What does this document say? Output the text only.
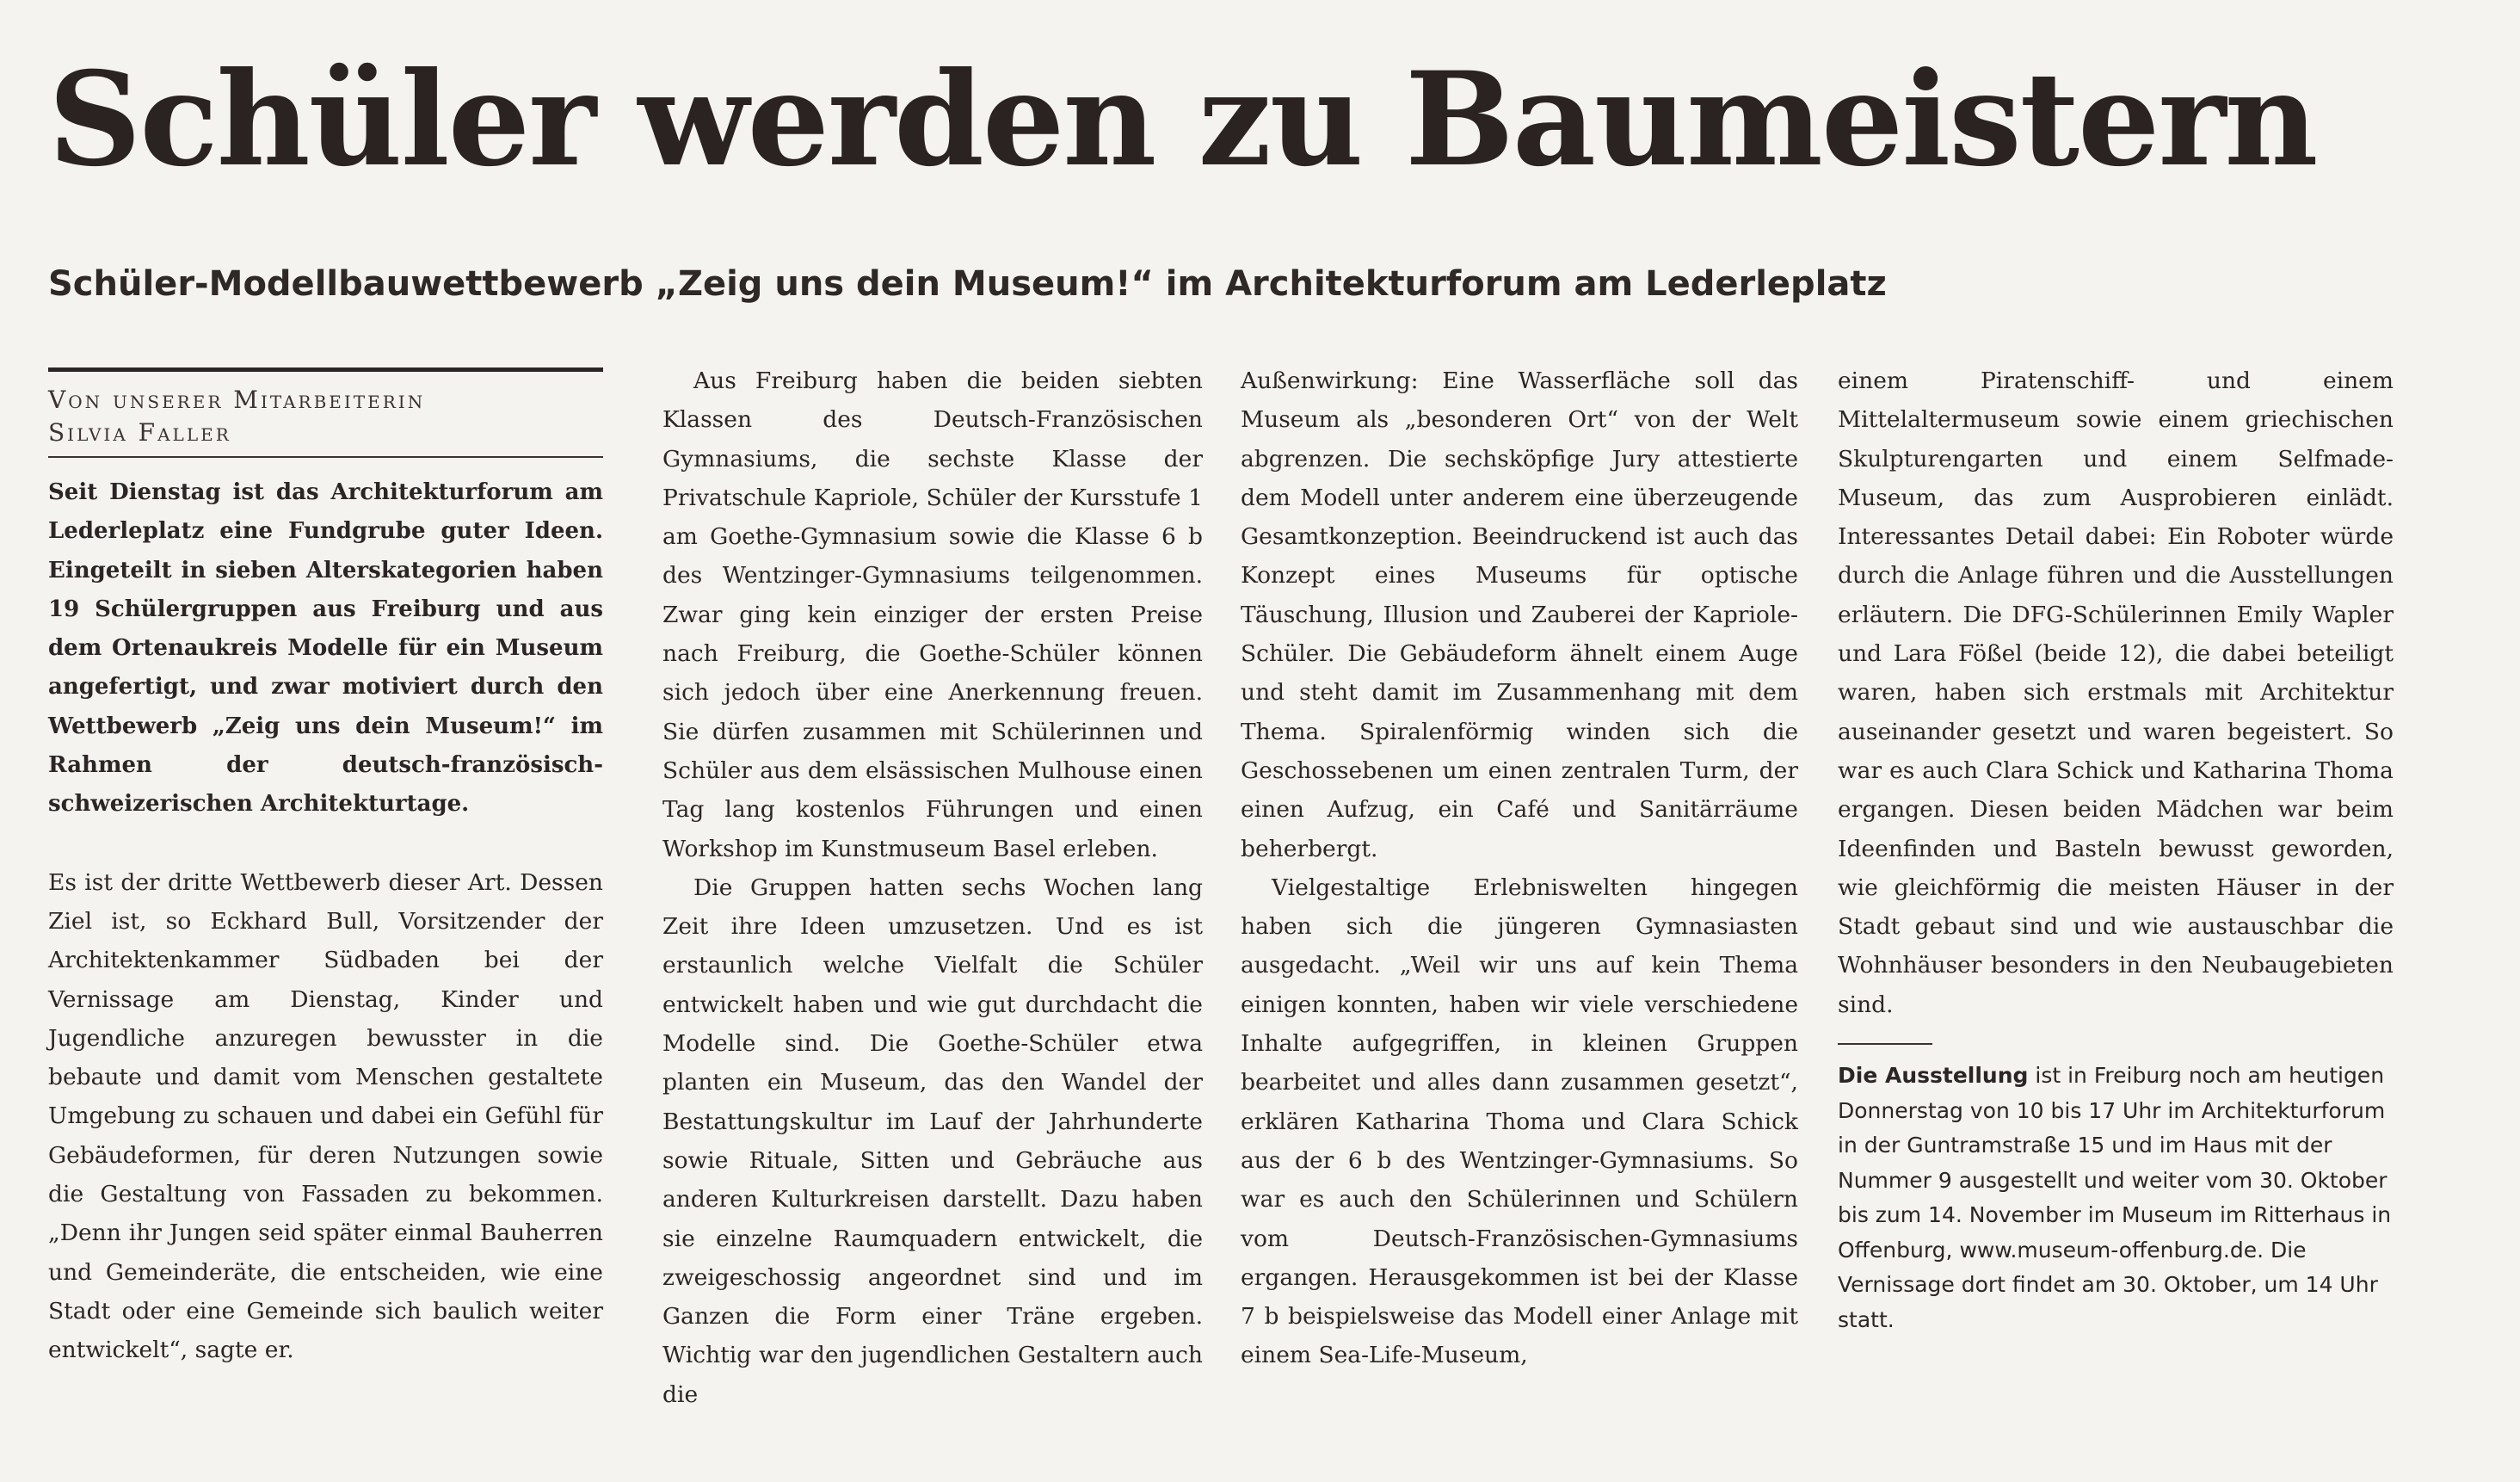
Schüler werden zu Baumeistern
Schüler-Modellbauwettbewerb „Zeig uns dein Museum!“ im Architekturforum am Lederleplatz
Von unserer Mitarbeiterin
Silvia Faller

Seit Dienstag ist das Architekturforum am Lederleplatz eine Fundgrube guter Ideen. Eingeteilt in sieben Alterskategorien haben 19 Schülergruppen aus Freiburg und aus dem Ortenaukreis Modelle für ein Museum angefertigt, und zwar motiviert durch den Wettbewerb „Zeig uns dein Museum!“ im Rahmen der deutsch-französisch-schweizerischen Architekturtage.

Es ist der dritte Wettbewerb dieser Art. Dessen Ziel ist, so Eckhard Bull, Vorsitzender der Architektenkammer Südbaden bei der Vernissage am Dienstag, Kinder und Jugendliche anzuregen bewusster in die bebaute und damit vom Menschen gestaltete Umgebung zu schauen und dabei ein Gefühl für Gebäudeformen, für deren Nutzungen sowie die Gestaltung von Fassaden zu bekommen. „Denn ihr Jungen seid später einmal Bauherren und Gemeinderäte, die entscheiden, wie eine Stadt oder eine Gemeinde sich baulich weiter entwickelt“, sagte er.

Aus Freiburg haben die beiden siebten Klassen des Deutsch-Französischen Gymnasiums, die sechste Klasse der Privatschule Kapriole, Schüler der Kursstufe 1 am Goethe-Gymnasium sowie die Klasse 6 b des Wentzinger-Gymnasiums teilgenommen. Zwar ging kein einziger der ersten Preise nach Freiburg, die Goethe-Schüler können sich jedoch über eine Anerkennung freuen. Sie dürfen zusammen mit Schülerinnen und Schüler aus dem elsässischen Mulhouse einen Tag lang kostenlos Führungen und einen Workshop im Kunstmuseum Basel erleben.

Die Gruppen hatten sechs Wochen lang Zeit ihre Ideen umzusetzen. Und es ist erstaunlich welche Vielfalt die Schüler entwickelt haben und wie gut durchdacht die Modelle sind. Die Goethe-Schüler etwa planten ein Museum, das den Wandel der Bestattungskultur im Lauf der Jahrhunderte sowie Rituale, Sitten und Gebräuche aus anderen Kulturkreisen darstellt. Dazu haben sie einzelne Raumquadern entwickelt, die zweigeschossig angeordnet sind und im Ganzen die Form einer Träne ergeben. Wichtig war den jugendlichen Gestaltern auch die

Außenwirkung: Eine Wasserfläche soll das Museum als „besonderen Ort“ von der Welt abgrenzen. Die sechsköpfige Jury attestierte dem Modell unter anderem eine überzeugende Gesamtkonzeption. Beeindruckend ist auch das Konzept eines Museums für optische Täuschung, Illusion und Zauberei der Kapriole-Schüler. Die Gebäudeform ähnelt einem Auge und steht damit im Zusammenhang mit dem Thema. Spiralenförmig winden sich die Geschossebenen um einen zentralen Turm, der einen Aufzug, ein Café und Sanitärräume beherbergt.

Vielgestaltige Erlebniswelten hingegen haben sich die jüngeren Gymnasiasten ausgedacht. „Weil wir uns auf kein Thema einigen konnten, haben wir viele verschiedene Inhalte aufgegriffen, in kleinen Gruppen bearbeitet und alles dann zusammen gesetzt“, erklären Katharina Thoma und Clara Schick aus der 6 b des Wentzinger-Gymnasiums. So war es auch den Schülerinnen und Schülern vom Deutsch-Französischen-Gymnasiums ergangen. Herausgekommen ist bei der Klasse 7 b beispielsweise das Modell einer Anlage mit einem Sea-Life-Museum,

einem Piratenschiff- und einem Mittelaltermuseum sowie einem griechischen Skulpturengarten und einem Selfmade-Museum, das zum Ausprobieren einlädt. Interessantes Detail dabei: Ein Roboter würde durch die Anlage führen und die Ausstellungen erläutern. Die DFG-Schülerinnen Emily Wapler und Lara Fößel (beide 12), die dabei beteiligt waren, haben sich erstmals mit Architektur auseinander gesetzt und waren begeistert. So war es auch Clara Schick und Katharina Thoma ergangen. Diesen beiden Mädchen war beim Ideenfinden und Basteln bewusst geworden, wie gleichförmig die meisten Häuser in der Stadt gebaut sind und wie austauschbar die Wohnhäuser besonders in den Neubaugebieten sind.

Die Ausstellung ist in Freiburg noch am heutigen Donnerstag von 10 bis 17 Uhr im Architekturforum in der Guntramstraße 15 und im Haus mit der Nummer 9 ausgestellt und weiter vom 30. Oktober bis zum 14. November im Museum im Ritterhaus in Offenburg, www.museum-offenburg.de. Die Vernissage dort findet am 30. Oktober, um 14 Uhr statt.
